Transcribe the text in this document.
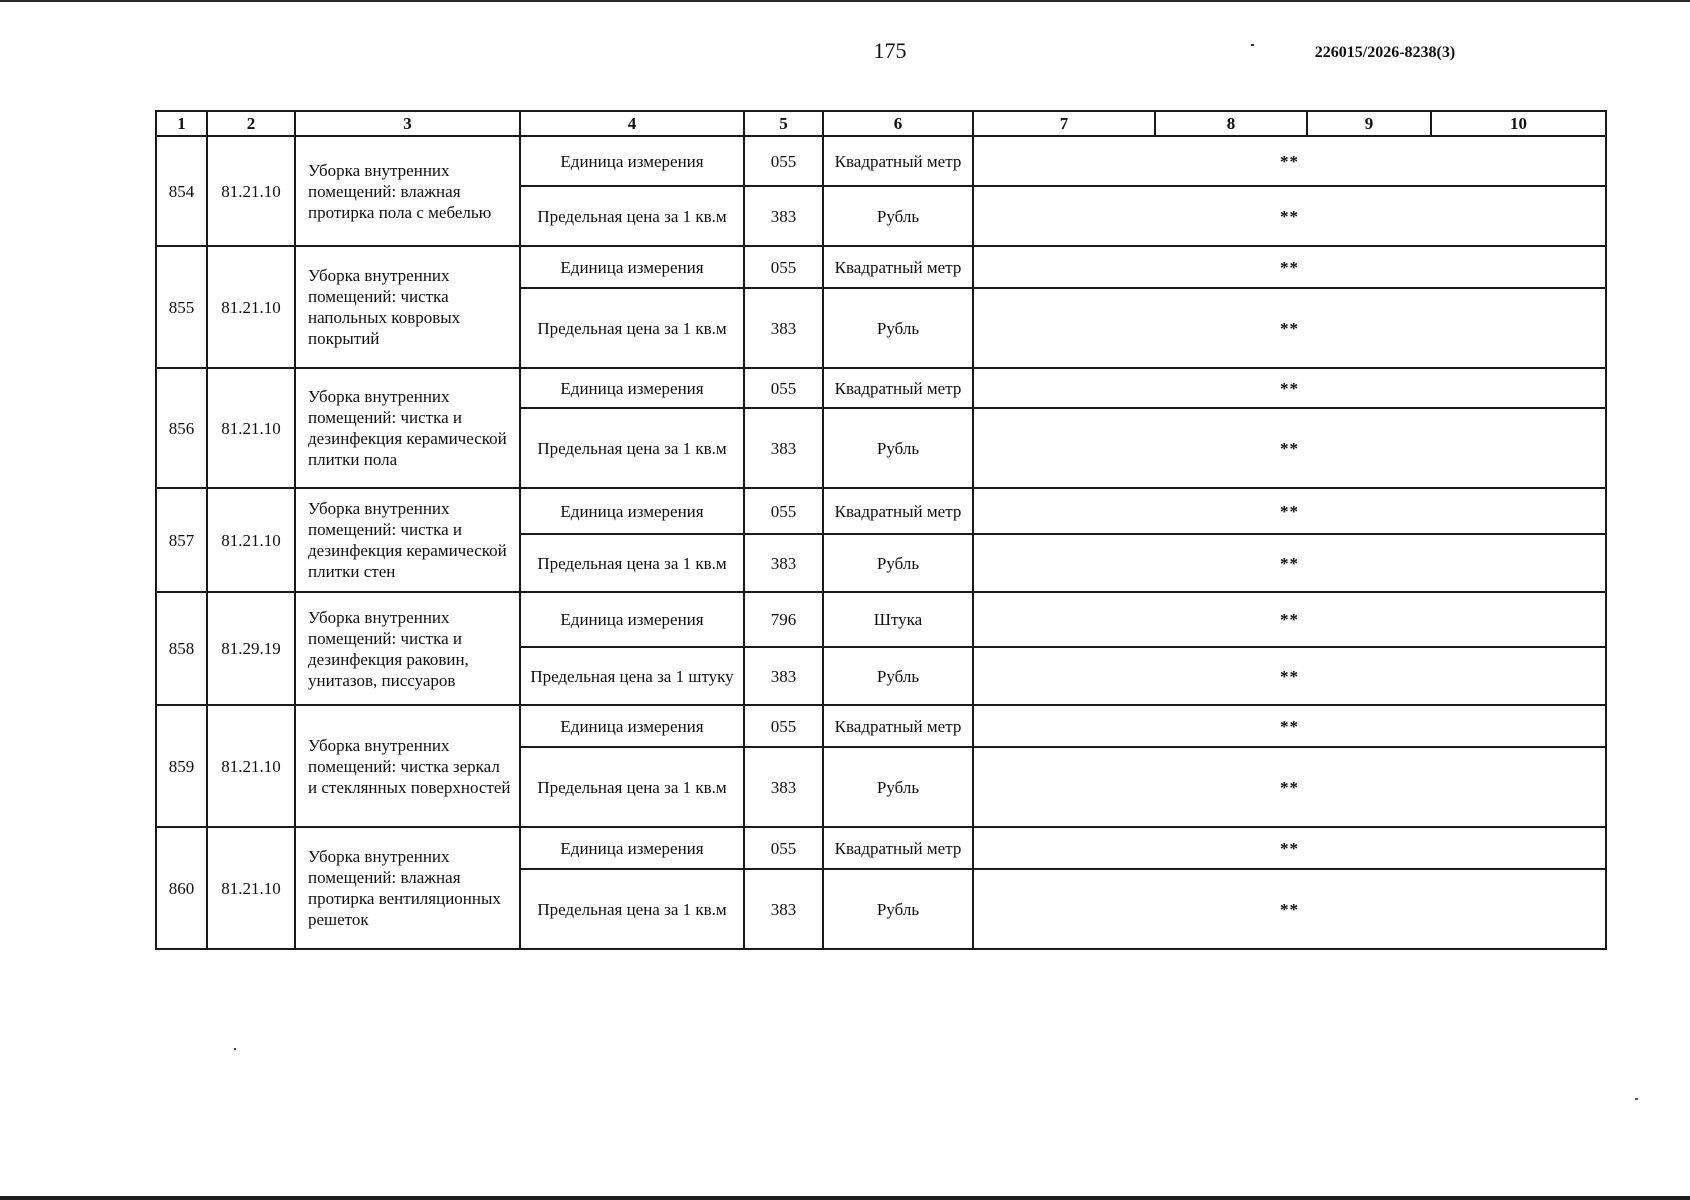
175	226015/2026-8238(3)
1	2	3	4	5	6	7	8	9	10
854	81.21.10	Уборка внутренних помещений: влажная протирка пола с мебелью	Единица измерения	055	Квадратный метр	**			
			Предельная цена за 1 кв.м	383	Рубль	**			
855	81.21.10	Уборка внутренних помещений: чистка напольных ковровых покрытий	Единица измерения	055	Квадратный метр	**			
			Предельная цена за 1 кв.м	383	Рубль	**			
856	81.21.10	Уборка внутренних помещений: чистка и дезинфекция керамической плитки пола	Единица измерения	055	Квадратный метр	**			
			Предельная цена за 1 кв.м	383	Рубль	**			
857	81.21.10	Уборка внутренних помещений: чистка и дезинфекция керамической плитки стен	Единица измерения	055	Квадратный метр	**			
			Предельная цена за 1 кв.м	383	Рубль	**			
858	81.29.19	Уборка внутренних помещений: чистка и дезинфекция раковин, унитазов, писсуаров	Единица измерения	796	Штука	**			
			Предельная цена за 1 штуку	383	Рубль	**			
859	81.21.10	Уборка внутренних помещений: чистка зеркал и стеклянных поверхностей	Единица измерения	055	Квадратный метр	**			
			Предельная цена за 1 кв.м	383	Рубль	**			
860	81.21.10	Уборка внутренних помещений: влажная протирка вентиляционных решеток	Единица измерения	055	Квадратный метр	**			
			Предельная цена за 1 кв.м	383	Рубль	**			
